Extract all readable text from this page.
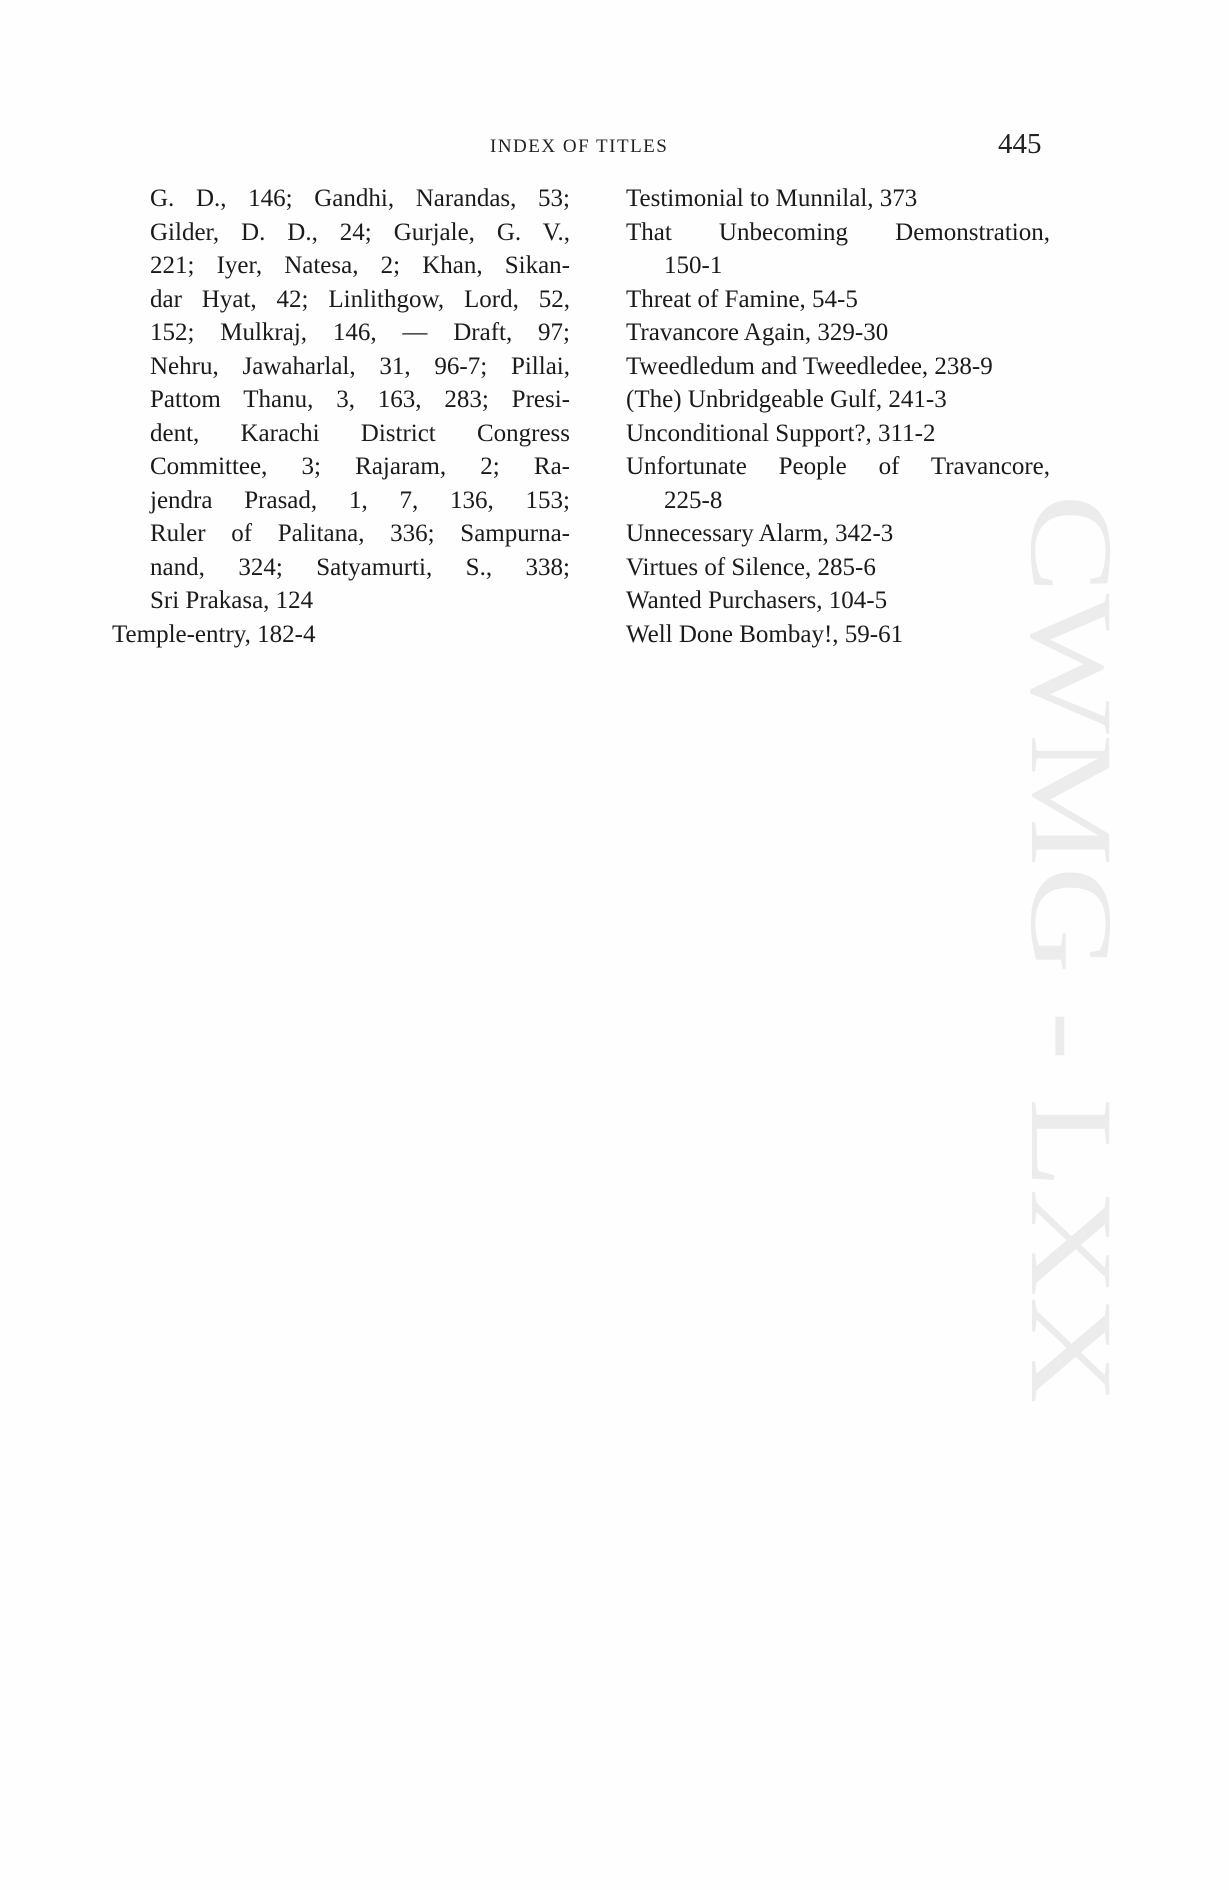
INDEX OF TITLES	445
G. D., 146; Gandhi, Narandas, 53;
Gilder, D. D., 24; Gurjale, G. V.,
221; Iyer, Natesa, 2; Khan, Sikan-
dar Hyat, 42; Linlithgow, Lord, 52,
152; Mulkraj, 146, — Draft, 97;
Nehru, Jawaharlal, 31, 96-7; Pillai,
Pattom Thanu, 3, 163, 283; Presi-
dent, Karachi District Congress
Committee, 3; Rajaram, 2; Ra-
jendra Prasad, 1, 7, 136, 153;
Ruler of Palitana, 336; Sampurna-
nand, 324; Satyamurti, S., 338;
Sri Prakasa, 124
Temple-entry, 182-4
Testimonial to Munnilal, 373
That Unbecoming Demonstration,
150-1
Threat of Famine, 54-5
Travancore Again, 329-30
Tweedledum and Tweedledee, 238-9
(The) Unbridgeable Gulf, 241-3
Unconditional Support?, 311-2
Unfortunate People of Travancore,
225-8
Unnecessary Alarm, 342-3
Virtues of Silence, 285-6
Wanted Purchasers, 104-5
Well Done Bombay!, 59-61 CWMG - LXX
